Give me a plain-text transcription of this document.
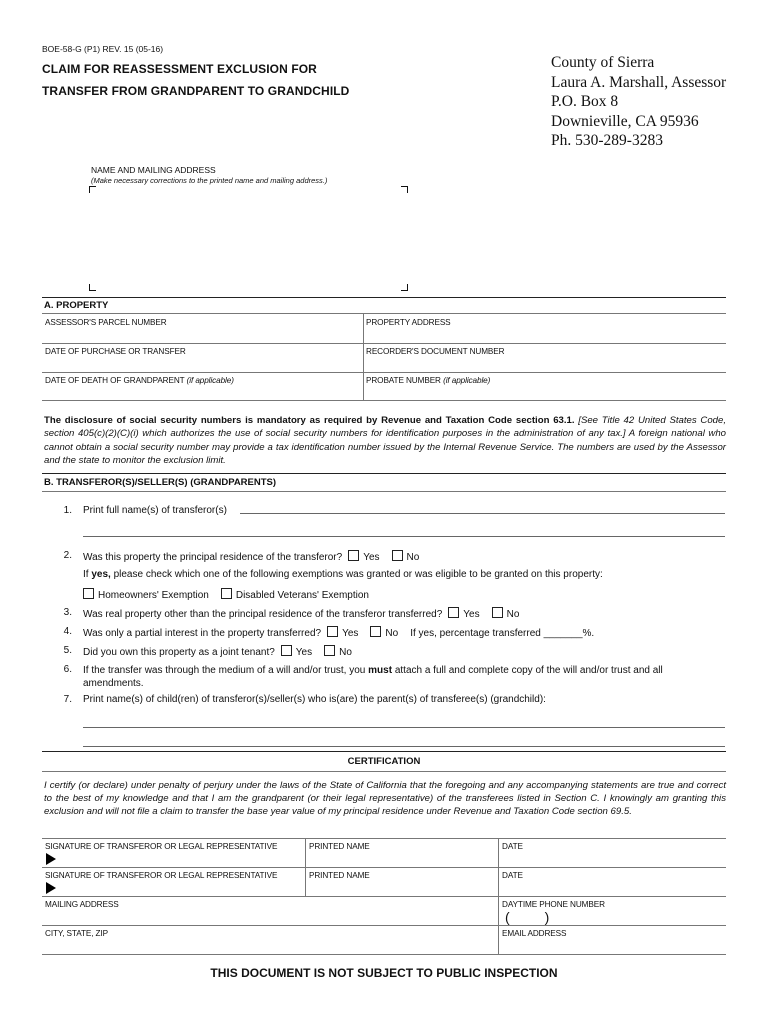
BOE-58-G (P1) REV. 15 (05-16)
CLAIM FOR REASSESSMENT EXCLUSION FOR
TRANSFER FROM GRANDPARENT TO GRANDCHILD
County of Sierra
Laura A. Marshall, Assessor
P.O. Box 8
Downieville, CA 95936
Ph. 530-289-3283
NAME AND MAILING ADDRESS
(Make necessary corrections to the printed name and mailing address.)
A. PROPERTY
ASSESSOR'S PARCEL NUMBER	PROPERTY ADDRESS
DATE OF PURCHASE OR TRANSFER	RECORDER'S DOCUMENT NUMBER
DATE OF DEATH OF GRANDPARENT (if applicable)	PROBATE NUMBER (if applicable)
The disclosure of social security numbers is mandatory as required by Revenue and Taxation Code section 63.1. [See Title 42 United States Code, section 405(c)(2)(C)(i) which authorizes the use of social security numbers for identification purposes in the administration of any tax.] A foreign national who cannot obtain a social security number may provide a tax identification number issued by the Internal Revenue Service. The numbers are used by the Assessor and the state to monitor the exclusion limit.
B. TRANSFEROR(S)/SELLER(S) (GRANDPARENTS)
1. Print full name(s) of transferor(s)
2. Was this property the principal residence of the transferor? Yes	No
If yes, please check which one of the following exemptions was granted or was eligible to be granted on this property:
Homeowners' Exemption	Disabled Veterans' Exemption
3. Was real property other than the principal residence of the transferor transferred? Yes	No
4. Was only a partial interest in the property transferred? Yes	No If yes, percentage transferred _______%.
5. Did you own this property as a joint tenant? Yes	No
6. If the transfer was through the medium of a will and/or trust, you must attach a full and complete copy of the will and/or trust and all amendments.
7. Print name(s) of child(ren) of transferor(s)/seller(s) who is(are) the parent(s) of transferee(s) (grandchild):
CERTIFICATION
I certify (or declare) under penalty of perjury under the laws of the State of California that the foregoing and any accompanying statements are true and correct to the best of my knowledge and that I am the grandparent (or their legal representative) of the transferees listed in Section C. I knowingly am granting this exclusion and will not file a claim to transfer the base year value of my principal residence under Revenue and Taxation Code section 69.5.
SIGNATURE OF TRANSFEROR OR LEGAL REPRESENTATIVE	PRINTED NAME	DATE
SIGNATURE OF TRANSFEROR OR LEGAL REPRESENTATIVE	PRINTED NAME	DATE
MAILING ADDRESS	DAYTIME PHONE NUMBER
(         )
CITY, STATE, ZIP	EMAIL ADDRESS
THIS DOCUMENT IS NOT SUBJECT TO PUBLIC INSPECTION
